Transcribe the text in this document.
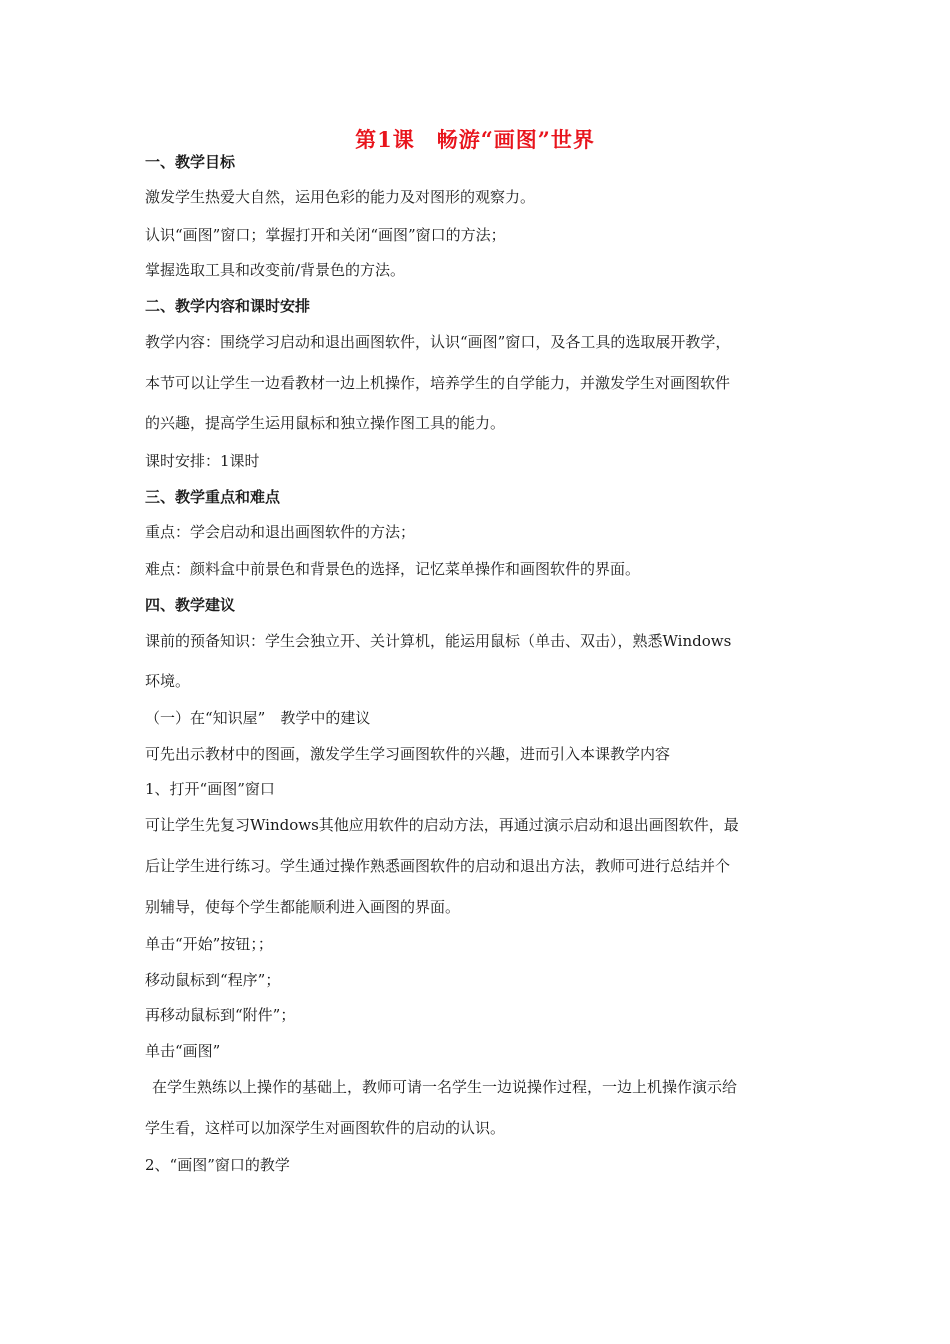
第1课　畅游“画图”世界
一、教学目标
激发学生热爱大自然，运用色彩的能力及对图形的观察力。
认识“画图”窗口；掌握打开和关闭“画图”窗口的方法；
掌握选取工具和改变前/背景色的方法。
二、教学内容和课时安排
教学内容：围绕学习启动和退出画图软件，认识“画图”窗口，及各工具的选取展开教学，
本节可以让学生一边看教材一边上机操作，培养学生的自学能力，并激发学生对画图软件
的兴趣，提高学生运用鼠标和独立操作图工具的能力。
课时安排：1课时
三、教学重点和难点
重点：学会启动和退出画图软件的方法；
难点：颜料盒中前景色和背景色的选择，记忆菜单操作和画图软件的界面。
四、教学建议
课前的预备知识：学生会独立开、关计算机，能运用鼠标（单击、双击），熟悉Windows
环境。
（一）在“知识屋”　教学中的建议
可先出示教材中的图画，激发学生学习画图软件的兴趣，进而引入本课教学内容
1、打开“画图”窗口
可让学生先复习Windows其他应用软件的启动方法，再通过演示启动和退出画图软件，最
后让学生进行练习。学生通过操作熟悉画图软件的启动和退出方法，教师可进行总结并个
别辅导，使每个学生都能顺利进入画图的界面。
单击“开始”按钮；；
移动鼠标到“程序”；
再移动鼠标到“附件”；
单击“画图”
在学生熟练以上操作的基础上，教师可请一名学生一边说操作过程，一边上机操作演示给
学生看，这样可以加深学生对画图软件的启动的认识。
2、“画图”窗口的教学
